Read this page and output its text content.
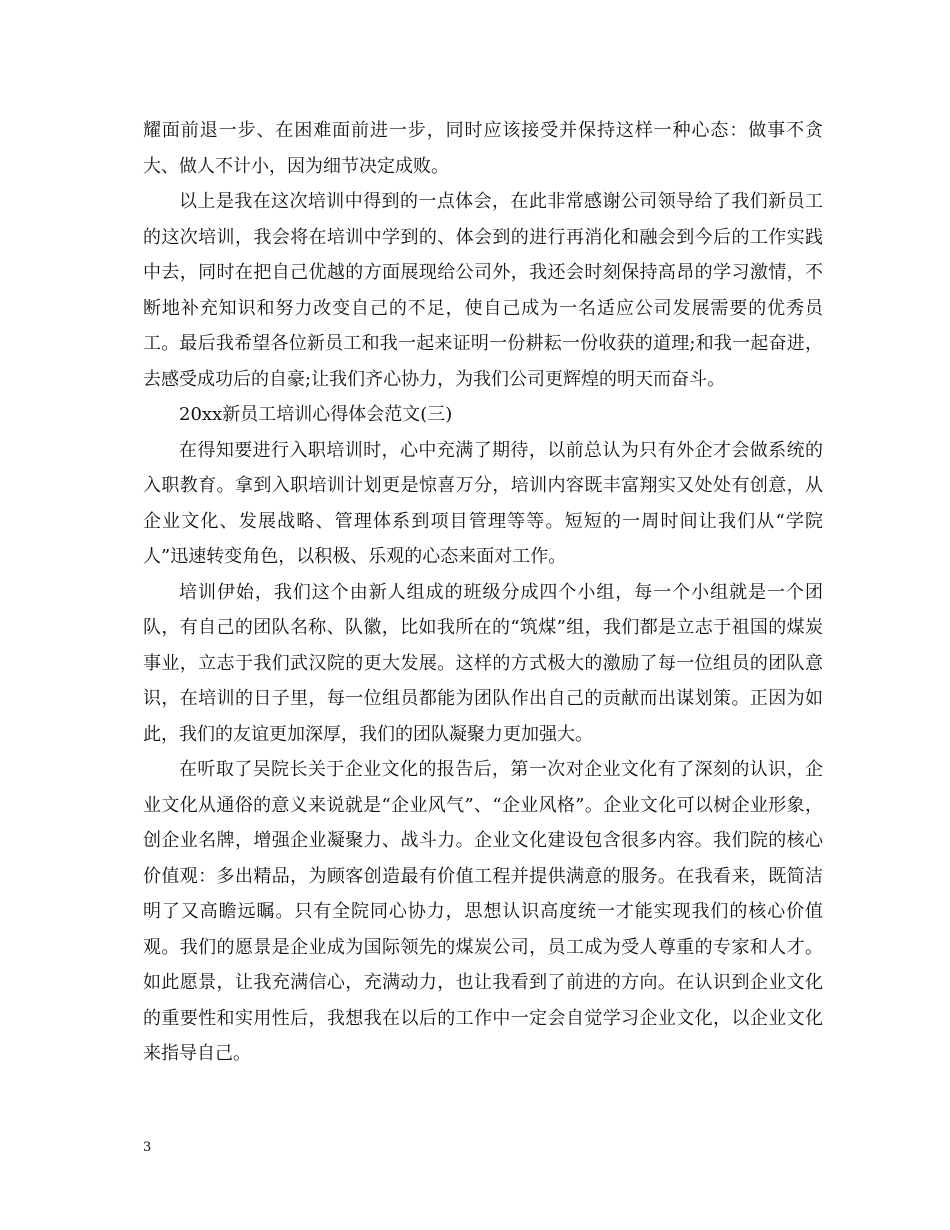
耀面前退一步、在困难面前进一步，同时应该接受并保持这样一种心态：做事不贪大、做人不计小，因为细节决定成败。

以上是我在这次培训中得到的一点体会，在此非常感谢公司领导给了我们新员工的这次培训，我会将在培训中学到的、体会到的进行再消化和融会到今后的工作实践中去，同时在把自己优越的方面展现给公司外，我还会时刻保持高昂的学习激情，不断地补充知识和努力改变自己的不足，使自己成为一名适应公司发展需要的优秀员工。最后我希望各位新员工和我一起来证明一份耕耘一份收获的道理;和我一起奋进，去感受成功后的自豪;让我们齐心协力，为我们公司更辉煌的明天而奋斗。

20xx新员工培训心得体会范文(三)

在得知要进行入职培训时，心中充满了期待，以前总认为只有外企才会做系统的入职教育。拿到入职培训计划更是惊喜万分，培训内容既丰富翔实又处处有创意，从企业文化、发展战略、管理体系到项目管理等等。短短的一周时间让我们从“学院人”迅速转变角色，以积极、乐观的心态来面对工作。

培训伊始，我们这个由新人组成的班级分成四个小组，每一个小组就是一个团队，有自己的团队名称、队徽，比如我所在的“筑煤”组，我们都是立志于祖国的煤炭事业，立志于我们武汉院的更大发展。这样的方式极大的激励了每一位组员的团队意识，在培训的日子里，每一位组员都能为团队作出自己的贡献而出谋划策。正因为如此，我们的友谊更加深厚，我们的团队凝聚力更加强大。

在听取了吴院长关于企业文化的报告后，第一次对企业文化有了深刻的认识，企业文化从通俗的意义来说就是“企业风气”、“企业风格”。企业文化可以树企业形象，创企业名牌，增强企业凝聚力、战斗力。企业文化建设包含很多内容。我们院的核心价值观：多出精品，为顾客创造最有价值工程并提供满意的服务。在我看来，既简洁明了又高瞻远瞩。只有全院同心协力，思想认识高度统一才能实现我们的核心价值观。我们的愿景是企业成为国际领先的煤炭公司，员工成为受人尊重的专家和人才。如此愿景，让我充满信心，充满动力，也让我看到了前进的方向。在认识到企业文化的重要性和实用性后，我想我在以后的工作中一定会自觉学习企业文化，以企业文化来指导自己。

3
